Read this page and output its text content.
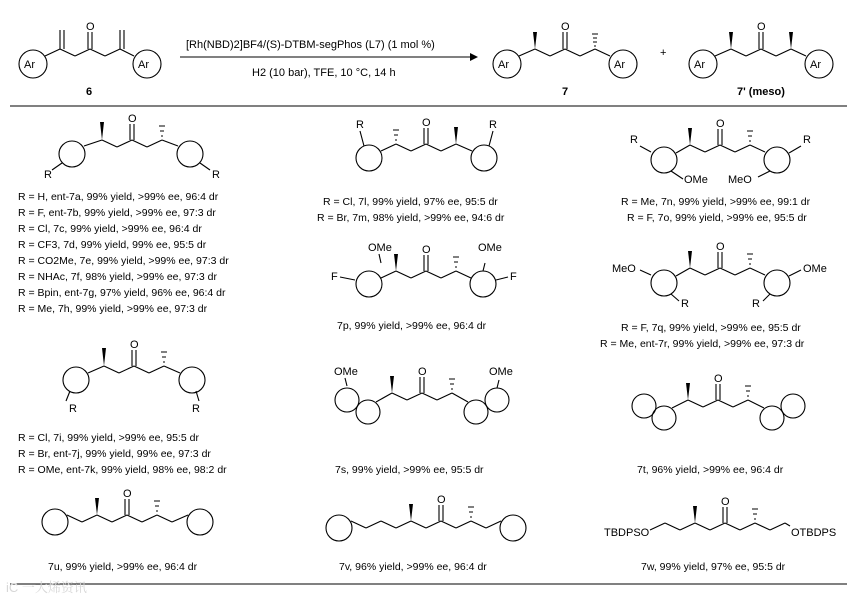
Ar
O
Ar
6
[Rh(NBD)2]BF4/(S)-DTBM-segPhos (L7) (1 mol %)
H2 (10 bar), TFE, 10 °C, 14 h
Ar
O
Ar
7
+
Ar
O
Ar
7' (meso)
R
O
R
R = H, ent-7a, 99% yield, >99% ee, 96:4 dr
R = F, ent-7b, 99% yield, >99% ee, 97:3 dr
R = Cl, 7c, 99% yield, >99% ee, 96:4 dr
R = CF3, 7d, 99% yield, 99% ee, 95:5 dr
R = CO2Me, 7e, 99% yield, >99% ee, 97:3 dr
R = NHAc, 7f, 98% yield, >99% ee, 97:3 dr
R = Bpin, ent-7g, 97% yield, 96% ee, 96:4 dr
R = Me, 7h, 99% yield, >99% ee, 97:3 dr
R	O	R
R = Cl, 7l, 99% yield, 97% ee, 95:5 dr
R = Br, 7m, 98% yield, >99% ee, 94:6 dr
R
OMe
O
MeO
R
R = Me, 7n, 99% yield, >99% ee, 99:1 dr
R = F, 7o, 99% yield, >99% ee, 95:5 dr
OMe
F
O	OMe
F
7p, 99% yield, >99% ee, 96:4 dr
MeO
R
O
R
OMe
R = F, 7q, 99% yield, >99% ee, 95:5 dr
R = Me, ent-7r, 99% yield, >99% ee, 97:3 dr
R
O
R
R = Cl, 7i, 99% yield, >99% ee, 95:5 dr
R = Br, ent-7j, 99% yield, 99% ee, 97:3 dr
R = OMe, ent-7k, 99% yield, 98% ee, 98:2 dr
OMe	O	OMe
7s, 99% yield, >99% ee, 95:5 dr
O
7t, 96% yield, >99% ee, 96:4 dr
O
7u, 99% yield, >99% ee, 96:4 dr
O
7v, 96% yield, >99% ee, 96:4 dr
TBDPSO
O
OTBDPS
7w, 99% yield, 97% ee, 95:5 dr
iC 一大烯资讯
